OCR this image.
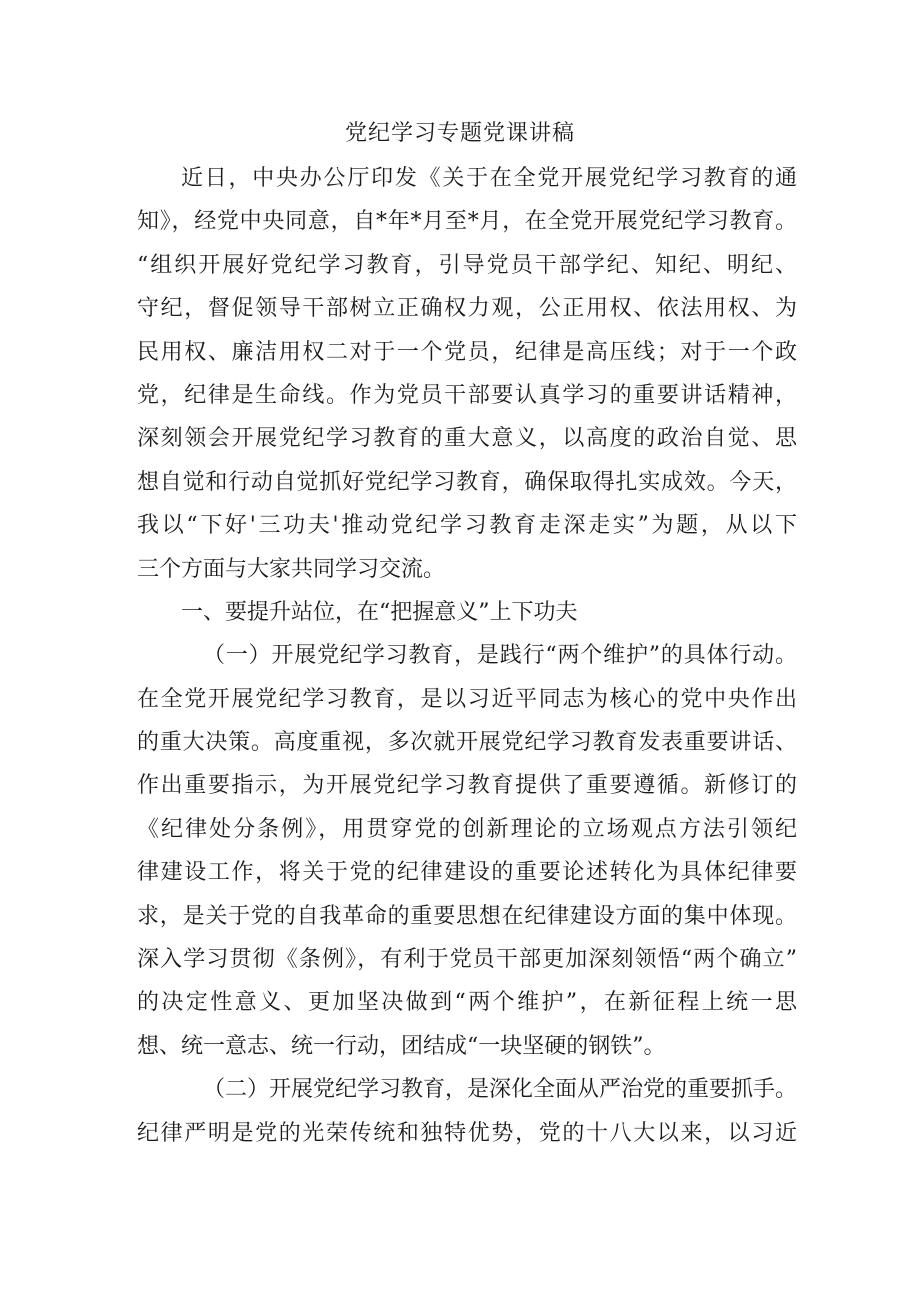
党纪学习专题党课讲稿
近日，中央办公厅印发《关于在全党开展党纪学习教育的通
知》，经党中央同意，自*年*月至*月，在全党开展党纪学习教育。
“组织开展好党纪学习教育，引导党员干部学纪、知纪、明纪、
守纪，督促领导干部树立正确权力观，公正用权、依法用权、为
民用权、廉洁用权二对于一个党员，纪律是高压线；对于一个政
党，纪律是生命线。作为党员干部要认真学习的重要讲话精神，
深刻领会开展党纪学习教育的重大意义，以高度的政治自觉、思
想自觉和行动自觉抓好党纪学习教育，确保取得扎实成效。今天，
我以“下好'三功夫'推动党纪学习教育走深走实”为题，从以下
三个方面与大家共同学习交流。
一、要提升站位，在“把握意义”上下功夫
（一）开展党纪学习教育，是践行“两个维护”的具体行动。
在全党开展党纪学习教育，是以习近平同志为核心的党中央作出
的重大决策。高度重视，多次就开展党纪学习教育发表重要讲话、
作出重要指示，为开展党纪学习教育提供了重要遵循。新修订的
《纪律处分条例》，用贯穿党的创新理论的立场观点方法引领纪
律建设工作，将关于党的纪律建设的重要论述转化为具体纪律要
求，是关于党的自我革命的重要思想在纪律建设方面的集中体现。
深入学习贯彻《条例》，有利于党员干部更加深刻领悟“两个确立”
的决定性意义、更加坚决做到“两个维护”，在新征程上统一思
想、统一意志、统一行动，团结成“一块坚硬的钢铁”。
（二）开展党纪学习教育，是深化全面从严治党的重要抓手。
纪律严明是党的光荣传统和独特优势，党的十八大以来，以习近
